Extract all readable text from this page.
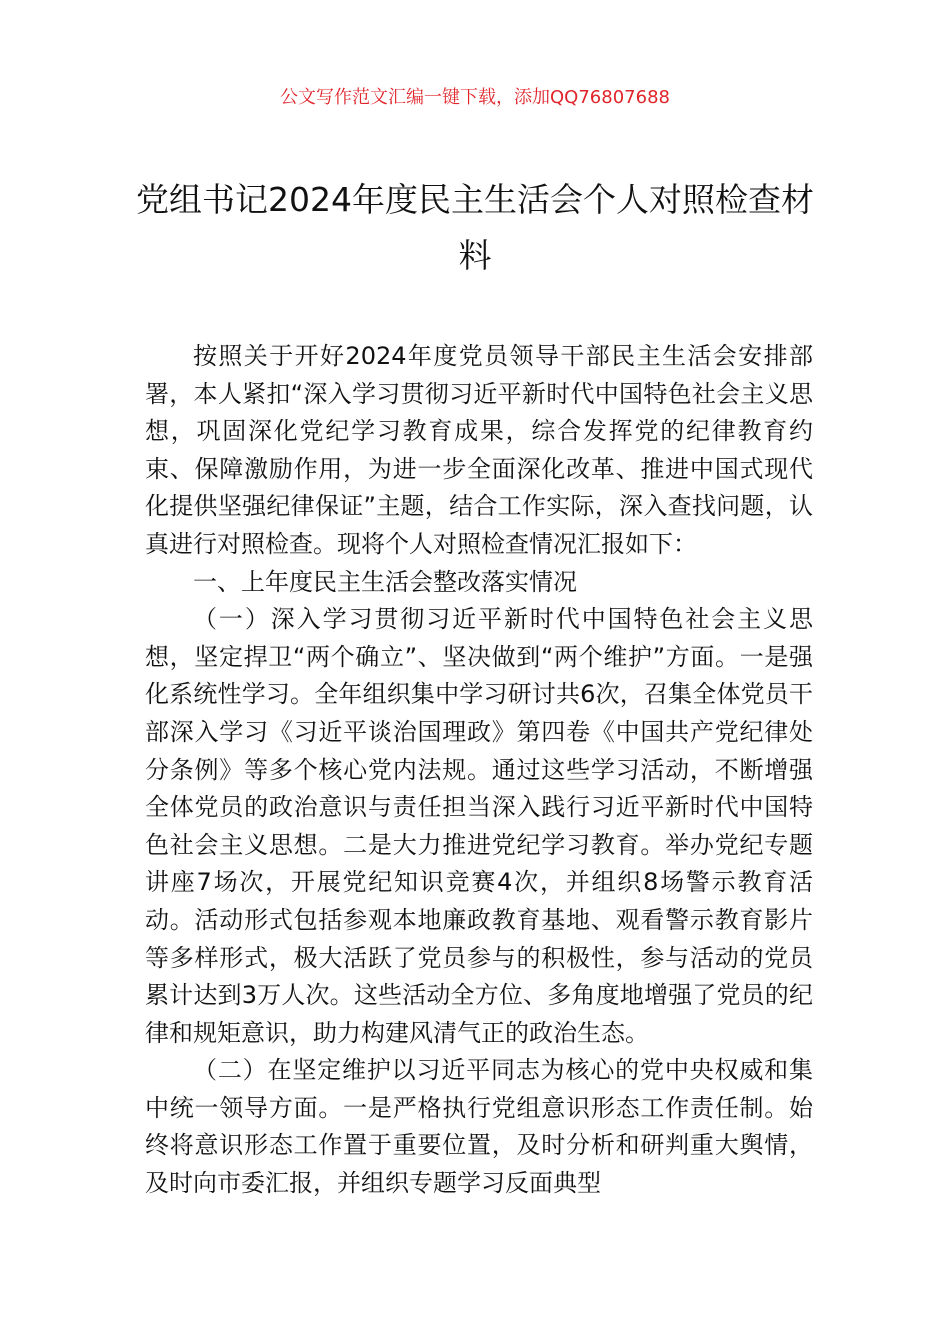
公文写作范文汇编一键下载，添加QQ76807688
党组书记2024年度民主生活会个人对照检查材料

按照关于开好2024年度党员领导干部民主生活会安排部署，本人紧扣“深入学习贯彻习近平新时代中国特色社会主义思想，巩固深化党纪学习教育成果，综合发挥党的纪律教育约束、保障激励作用，为进一步全面深化改革、推进中国式现代化提供坚强纪律保证”主题，结合工作实际，深入查找问题，认真进行对照检查。现将个人对照检查情况汇报如下：

一、上年度民主生活会整改落实情况

（一）深入学习贯彻习近平新时代中国特色社会主义思想，坚定捍卫“两个确立”、坚决做到“两个维护”方面。一是强化系统性学习。全年组织集中学习研讨共6次，召集全体党员干部深入学习《习近平谈治国理政》第四卷《中国共产党纪律处分条例》等多个核心党内法规。通过这些学习活动，不断增强全体党员的政治意识与责任担当深入践行习近平新时代中国特色社会主义思想。二是大力推进党纪学习教育。举办党纪专题讲座7场次，开展党纪知识竞赛4次，并组织8场警示教育活动。活动形式包括参观本地廉政教育基地、观看警示教育影片等多样形式，极大活跃了党员参与的积极性，参与活动的党员累计达到3万人次。这些活动全方位、多角度地增强了党员的纪律和规矩意识，助力构建风清气正的政治生态。

（二）在坚定维护以习近平同志为核心的党中央权威和集中统一领导方面。一是严格执行党组意识形态工作责任制。始终将意识形态工作置于重要位置，及时分析和研判重大舆情，及时向市委汇报，并组织专题学习反面典型
